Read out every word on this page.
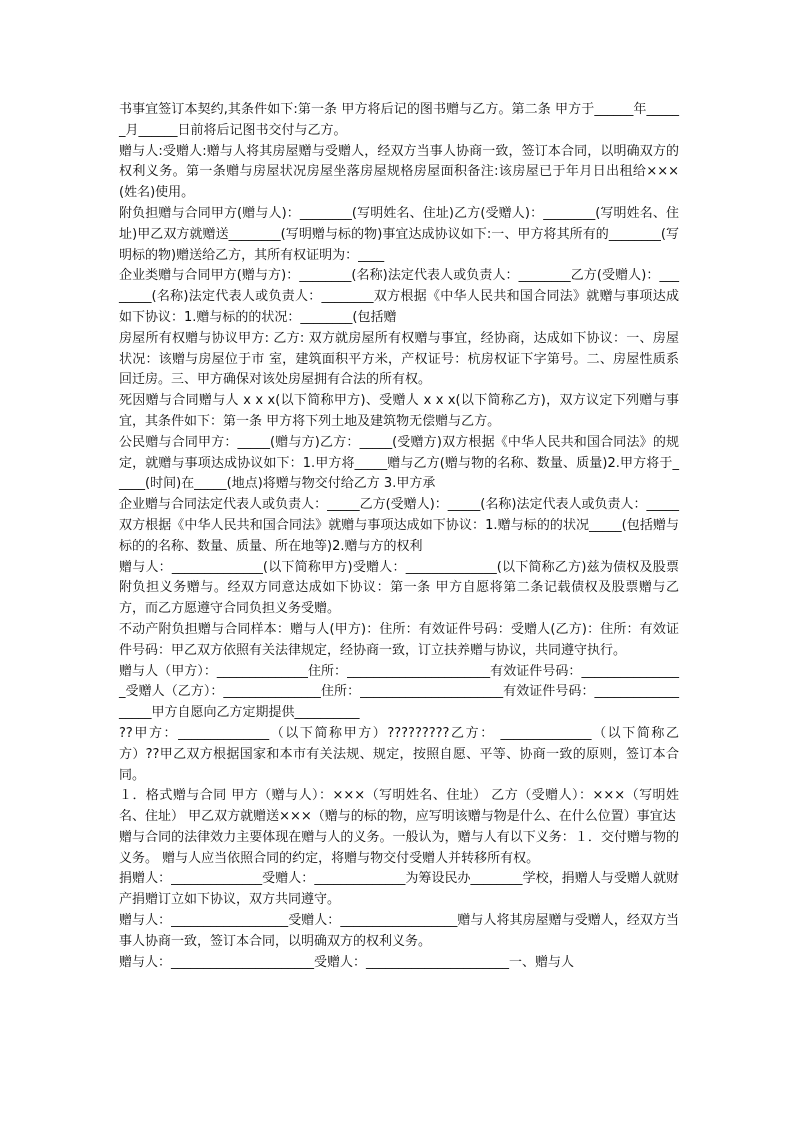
书事宜签订本契约,其条件如下:第一条 甲方将后记的图书赠与乙方。第二条 甲方于______年______月______日前将后记图书交付与乙方。

赠与人:受赠人:赠与人将其房屋赠与受赠人，经双方当事人协商一致，签订本合同，以明确双方的权利义务。第一条赠与房屋状况房屋坐落房屋规格房屋面积备注:该房屋已于年月日出租给×××(姓名)使用。

附负担赠与合同甲方(赠与人)：________(写明姓名、住址)乙方(受赠人)：________(写明姓名、住址)甲乙双方就赠送________(写明赠与标的物)事宜达成协议如下:一、甲方将其所有的________(写明标的物)赠送给乙方，其所有权证明为：____

企业类赠与合同甲方(赠与方)：________(名称)法定代表人或负责人：________乙方(受赠人)：________(名称)法定代表人或负责人：________双方根据《中华人民共和国合同法》就赠与事项达成如下协议：1.赠与标的的状况：________(包括赠

房屋所有权赠与协议甲方: 乙方: 双方就房屋所有权赠与事宜，经协商，达成如下协议：一、房屋状况：该赠与房屋位于市 室，建筑面积平方米，产权证号：杭房权证下字第号。二、房屋性质系回迁房。三、甲方确保对该处房屋拥有合法的所有权。

死因赠与合同赠与人 x x x(以下简称甲方)、受赠人 x x x(以下简称乙方)，双方议定下列赠与事宜，其条件如下：第一条 甲方将下列土地及建筑物无偿赠与乙方。

公民赠与合同甲方：_____(赠与方)乙方：_____(受赠方)双方根据《中华人民共和国合同法》的规定，就赠与事项达成协议如下：1.甲方将_____赠与乙方(赠与物的名称、数量、质量)2.甲方将于_____(时间)在_____(地点)将赠与物交付给乙方 3.甲方承

企业赠与合同法定代表人或负责人：_____乙方(受赠人)：_____(名称)法定代表人或负责人：_____双方根据《中华人民共和国合同法》就赠与事项达成如下协议：1.赠与标的的状况_____(包括赠与标的的名称、数量、质量、所在地等)2.赠与方的权利

赠与人：______________(以下简称甲方)受赠人：______________(以下简称乙方)兹为债权及股票附负担义务赠与。经双方同意达成如下协议：第一条 甲方自愿将第二条记载债权及股票赠与乙方，而乙方愿遵守合同负担义务受赠。

不动产附负担赠与合同样本：赠与人(甲方)：住所：有效证件号码：受赠人(乙方)：住所：有效证件号码：甲乙双方依照有关法律规定，经协商一致，订立扶养赠与协议，共同遵守执行。

赠与人（甲方）：______________住所：______________________有效证件号码：________________受赠人（乙方）：_______________住所：______________________有效证件号码：__________________甲方自愿向乙方定期提供__________

??甲方：______________（以下简称甲方）?????????乙方： ______________（以下简称乙方）??甲乙双方根据国家和本市有关法规、规定，按照自愿、平等、协商一致的原则，签订本合同。

１．格式赠与合同 甲方（赠与人）：×××（写明姓名、住址） 乙方（受赠人）：×××（写明姓名、住址） 甲乙双方就赠送×××（赠与的标的物，应写明该赠与物是什么、在什么位置）事宜达

赠与合同的法律效力主要体现在赠与人的义务。一般认为，赠与人有以下义务：１．交付赠与物的义务。 赠与人应当依照合同的约定，将赠与物交付受赠人并转移所有权。

捐赠人：______________受赠人：______________为筹设民办________学校，捐赠人与受赠人就财产捐赠订立如下协议，双方共同遵守。

赠与人：__________________受赠人：__________________赠与人将其房屋赠与受赠人，经双方当事人协商一致，签订本合同，以明确双方的权利义务。

赠与人：______________________受赠人：______________________一、赠与人
